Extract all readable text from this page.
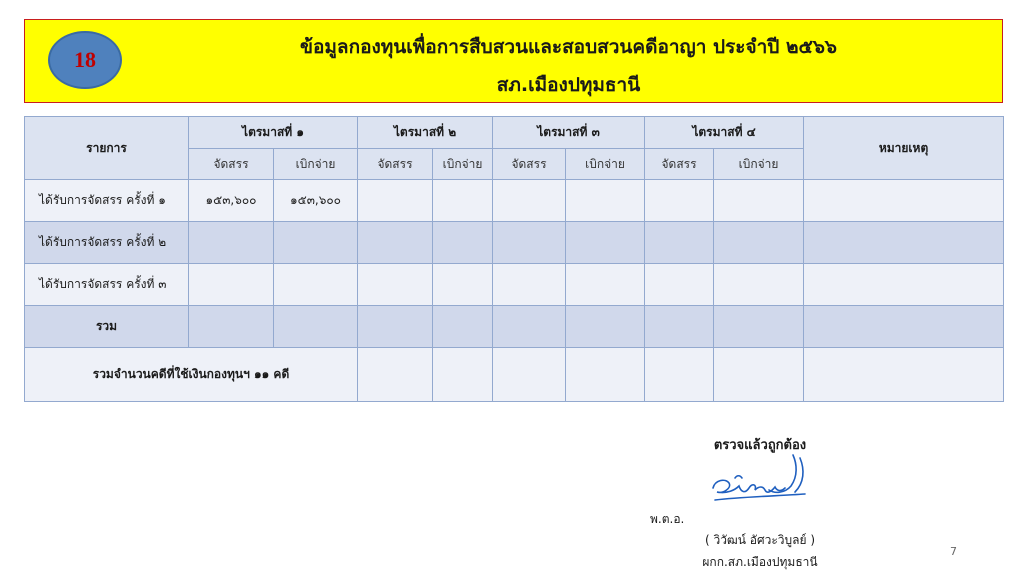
18	ข้อมูลกองทุนเพื่อการสืบสวนและสอบสวนคดีอาญา ประจำปี ๒๕๖๖
สภ.เมืองปทุมธานี
รายการ	ไตรมาสที่ ๑		ไตรมาสที่ ๒		ไตรมาสที่ ๓		ไตรมาสที่ ๔		หมายเหตุ
	จัดสรร	เบิกจ่าย	จัดสรร	เบิกจ่าย	จัดสรร	เบิกจ่าย	จัดสรร	เบิกจ่าย	
ได้รับการจัดสรร ครั้งที่ ๑	๑๕๓,๖๐๐	๑๕๓,๖๐๐							
ได้รับการจัดสรร ครั้งที่ ๒									
ได้รับการจัดสรร ครั้งที่ ๓									
รวม									
รวมจำนวนคดีที่ใช้เงินกองทุนฯ ๑๑ คดี									
ตรวจแล้วถูกต้อง
พ.ต.อ.
( วิวัฒน์ อัศวะวิบูลย์ )
ผกก.สภ.เมืองปทุมธานี
7
